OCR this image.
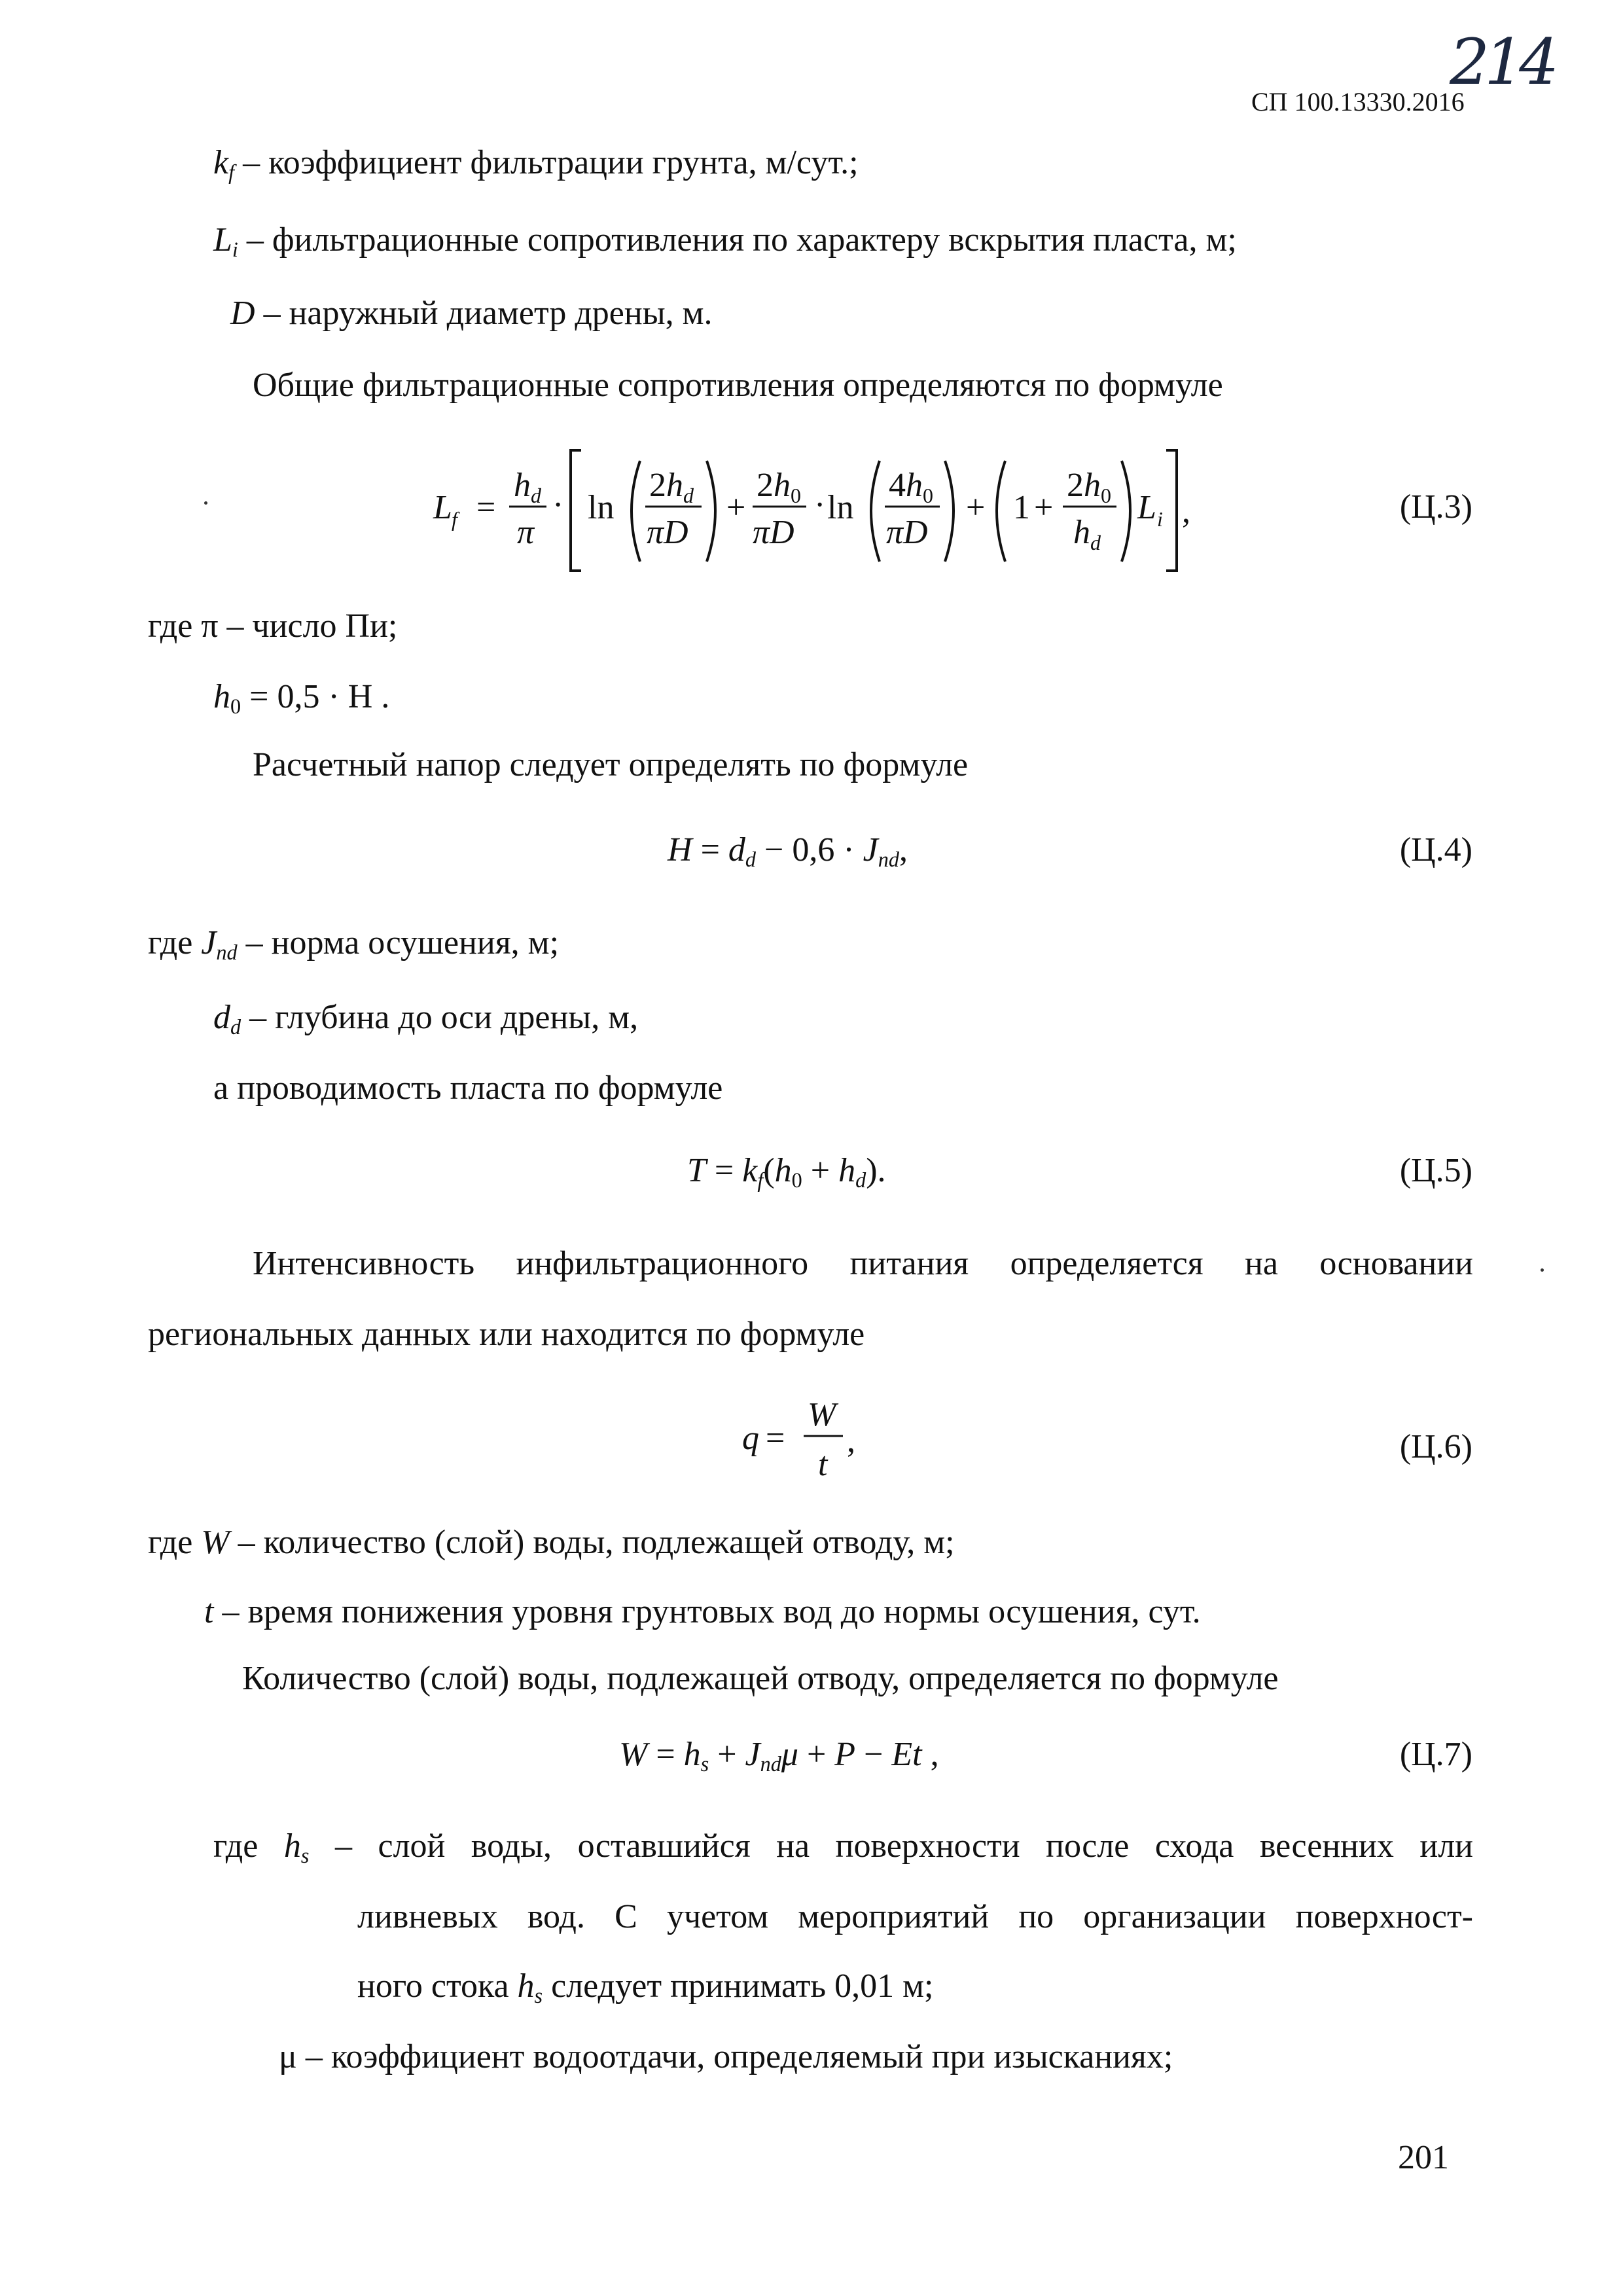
214
СП 100.13330.2016
$k_f$ – коэффициент фильтрации грунта, м/сут.;
$L_i$ – фильтрационные сопротивления по характеру вскрытия пласта, м;
D – наружный диаметр дрены, м.
Общие фильтрационные сопротивления определяются по формуле
L f =
h d
π
· ln
2 h d
πD
+
2 h 0
πD
· ln
4 h 0
πD
+ 1 +
2 h 0
h d
L i ,	(Ц.3)
где π – число Пи;
$h_0 = 0,5 \cdot H$ .
Расчетный напор следует определять по формуле
$H = d_d - 0,6 \cdot J_{nd}$,	(Ц.4)
где $J_{nd}$ – норма осушения, м;
$d_d$ – глубина до оси дрены, м,
а проводимость пласта по формуле
$T = k_f(h_0 + h_d)$.	(Ц.5)
Интенсивность инфильтрационного питания определяется на основании
региональных данных или находится по формуле
q =
W
t
,	(Ц.6)
где W – количество (слой) воды, подлежащей отводу, м;
t – время понижения уровня грунтовых вод до нормы осушения, сут.
Количество (слой) воды, подлежащей отводу, определяется по формуле
$W = h_s + J_{nd}\mu + P - Et$ ,	(Ц.7)
где $h_s$ – слой воды, оставшийся на поверхности после схода весенних или
ливневых вод. С учетом мероприятий по организации поверхност-
ного стока $h_s$ следует принимать 0,01 м;
μ – коэффициент водоотдачи, определяемый при изысканиях;
201
